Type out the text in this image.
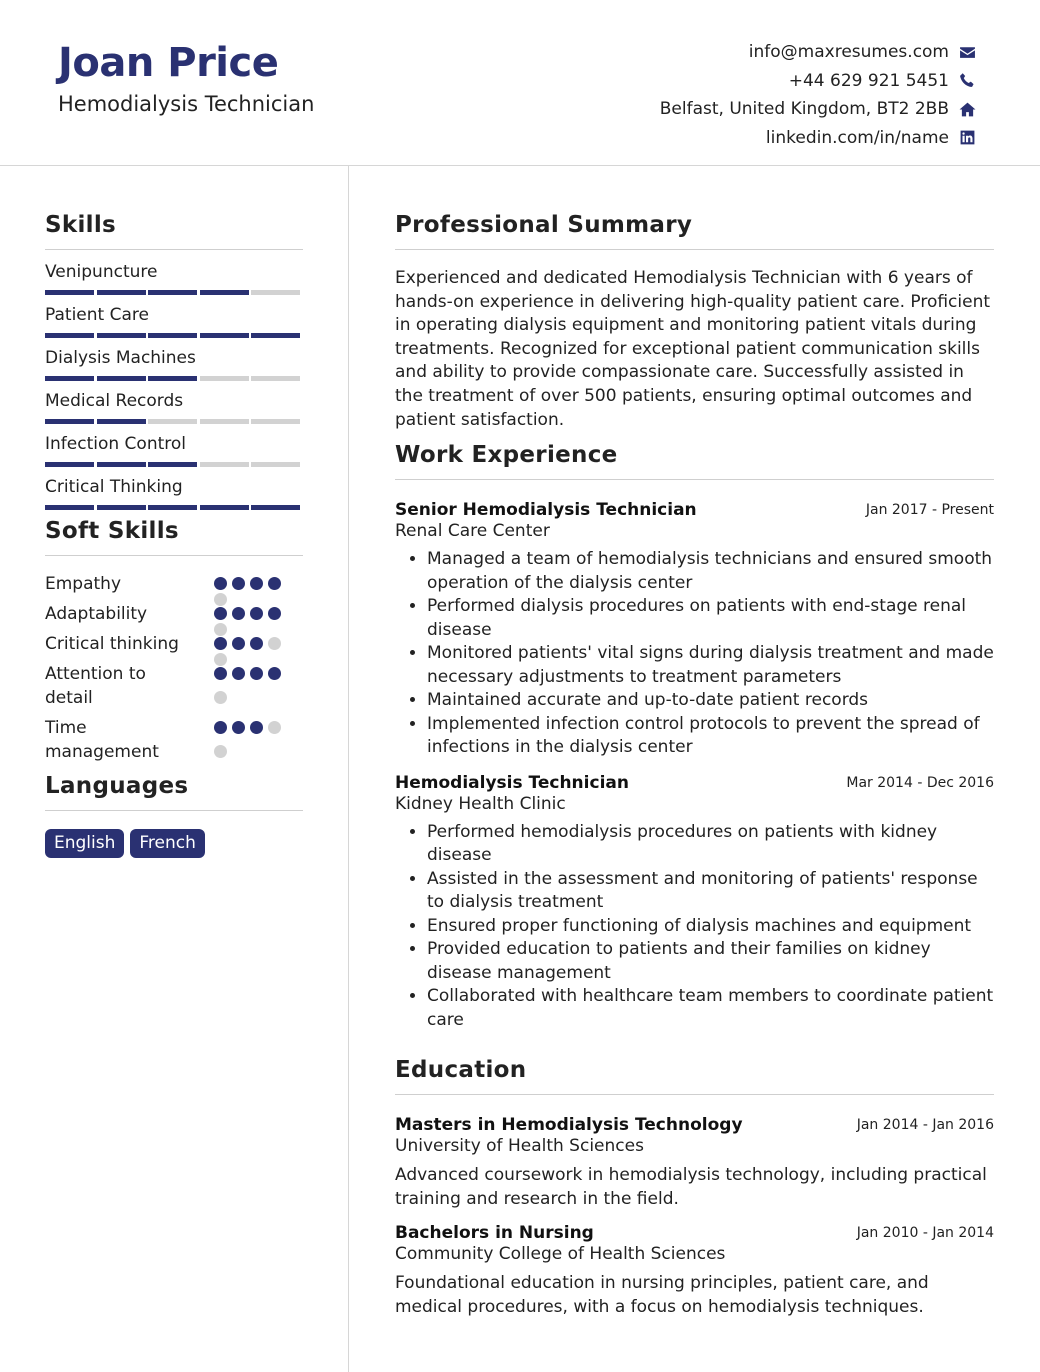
Joan Price
Hemodialysis Technician
info@maxresumes.com
+44 629 921 5451
Belfast, United Kingdom, BT2 2BB
linkedin.com/in/name
Skills
Venipuncture
Patient Care
Dialysis Machines
Medical Records
Infection Control
Critical Thinking
Soft Skills
Empathy
Adaptability
Critical thinking
Attention to detail
Time management
Languages
English	French
Professional Summary
Experienced and dedicated Hemodialysis Technician with 6 years of hands-on experience in delivering high-quality patient care. Proficient in operating dialysis equipment and monitoring patient vitals during treatments. Recognized for exceptional patient communication skills and ability to provide compassionate care. Successfully assisted in the treatment of over 500 patients, ensuring optimal outcomes and patient satisfaction.
Work Experience
Senior Hemodialysis Technician	Jan 2017 - Present
Renal Care Center
• Managed a team of hemodialysis technicians and ensured smooth operation of the dialysis center
• Performed dialysis procedures on patients with end-stage renal disease
• Monitored patients' vital signs during dialysis treatment and made necessary adjustments to treatment parameters
• Maintained accurate and up-to-date patient records
• Implemented infection control protocols to prevent the spread of infections in the dialysis center
Hemodialysis Technician	Mar 2014 - Dec 2016
Kidney Health Clinic
• Performed hemodialysis procedures on patients with kidney disease
• Assisted in the assessment and monitoring of patients' response to dialysis treatment
• Ensured proper functioning of dialysis machines and equipment
• Provided education to patients and their families on kidney disease management
• Collaborated with healthcare team members to coordinate patient care
Education
Masters in Hemodialysis Technology	Jan 2014 - Jan 2016
University of Health Sciences
Advanced coursework in hemodialysis technology, including practical training and research in the field.
Bachelors in Nursing	Jan 2010 - Jan 2014
Community College of Health Sciences
Foundational education in nursing principles, patient care, and medical procedures, with a focus on hemodialysis techniques.
